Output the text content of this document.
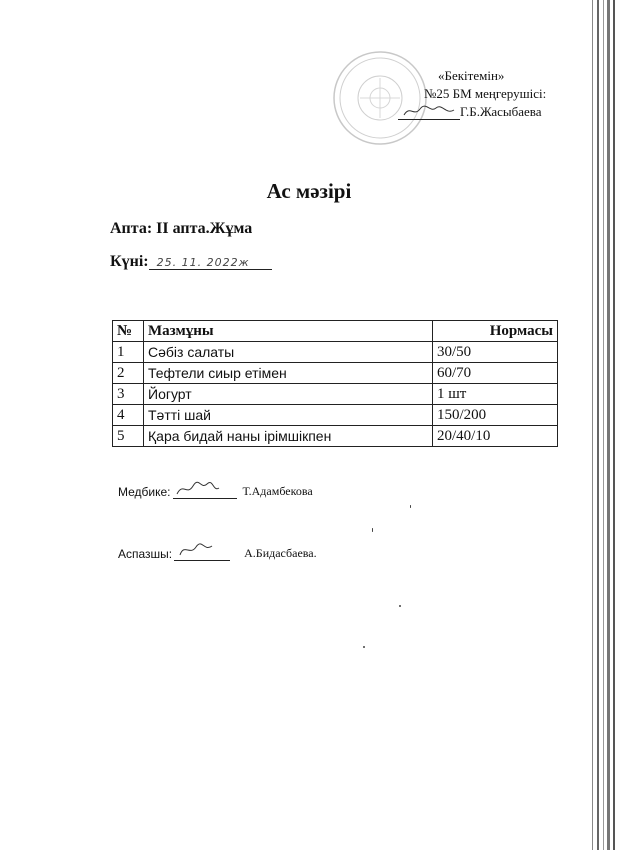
«Бекітемін»
№25 БМ меңгерушісі:
Г.Б.Жасыбаева
Ас мәзірі
Апта: ІІ апта.Жұма
Күні: 25. 11. 2022ж
№	Мазмұны	Нормасы
1	Сәбіз салаты	30/50
2	Тефтели сиыр етімен	60/70
3	Йогурт	1 шт
4	Тәтті шай	150/200
5	Қара бидай наны ірімшікпен	20/40/10
Медбике:	Т.Адамбекова
Аспазшы:	А.Бидасбаева.
